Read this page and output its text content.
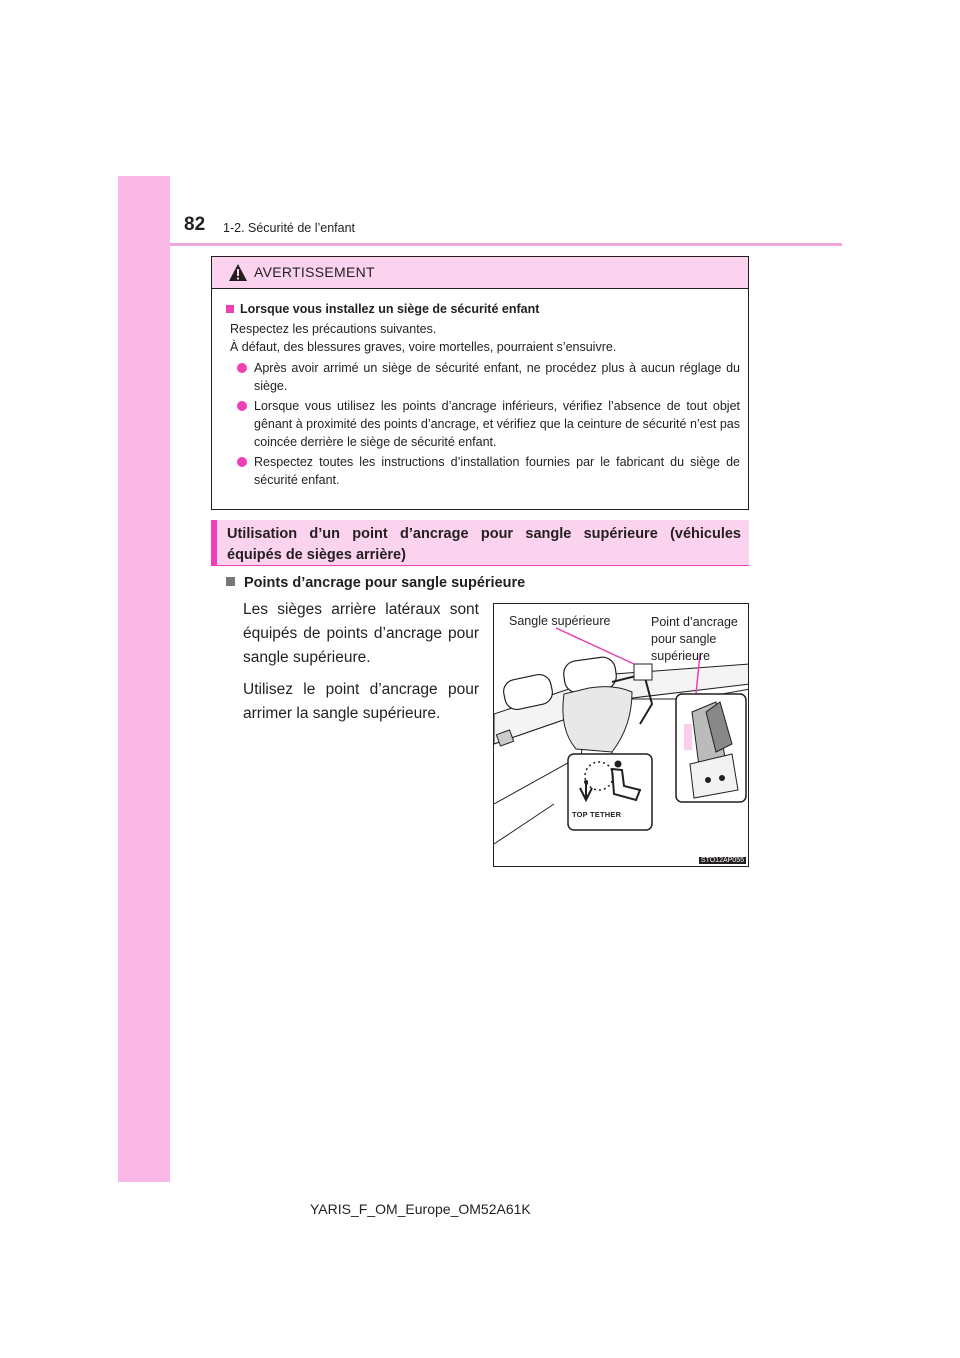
82 1-2. Sécurité de l’enfant
AVERTISSEMENT
Lorsque vous installez un siège de sécurité enfant
Respectez les précautions suivantes.
À défaut, des blessures graves, voire mortelles, pourraient s’ensuivre.
Après avoir arrimé un siège de sécurité enfant, ne procédez plus à aucun réglage du siège.
Lorsque vous utilisez les points d’ancrage inférieurs, vérifiez l’absence de tout objet gênant à proximité des points d’ancrage, et vérifiez que la ceinture de sécurité n’est pas coincée derrière le siège de sécurité enfant.
Respectez toutes les instructions d’installation fournies par le fabricant du siège de sécurité enfant.
Utilisation d’un point d’ancrage pour sangle supérieure (véhicules équipés de sièges arrière)
Points d’ancrage pour sangle supérieure

Les sièges arrière latéraux sont équipés de points d’ancrage pour sangle supérieure.

Utilisez le point d’ancrage pour arrimer la sangle supérieure.

Sangle supérieure	Point d’ancrage pour sangle supérieure
TOP TETHER
STO12AP055
YARIS_F_OM_Europe_OM52A61K
